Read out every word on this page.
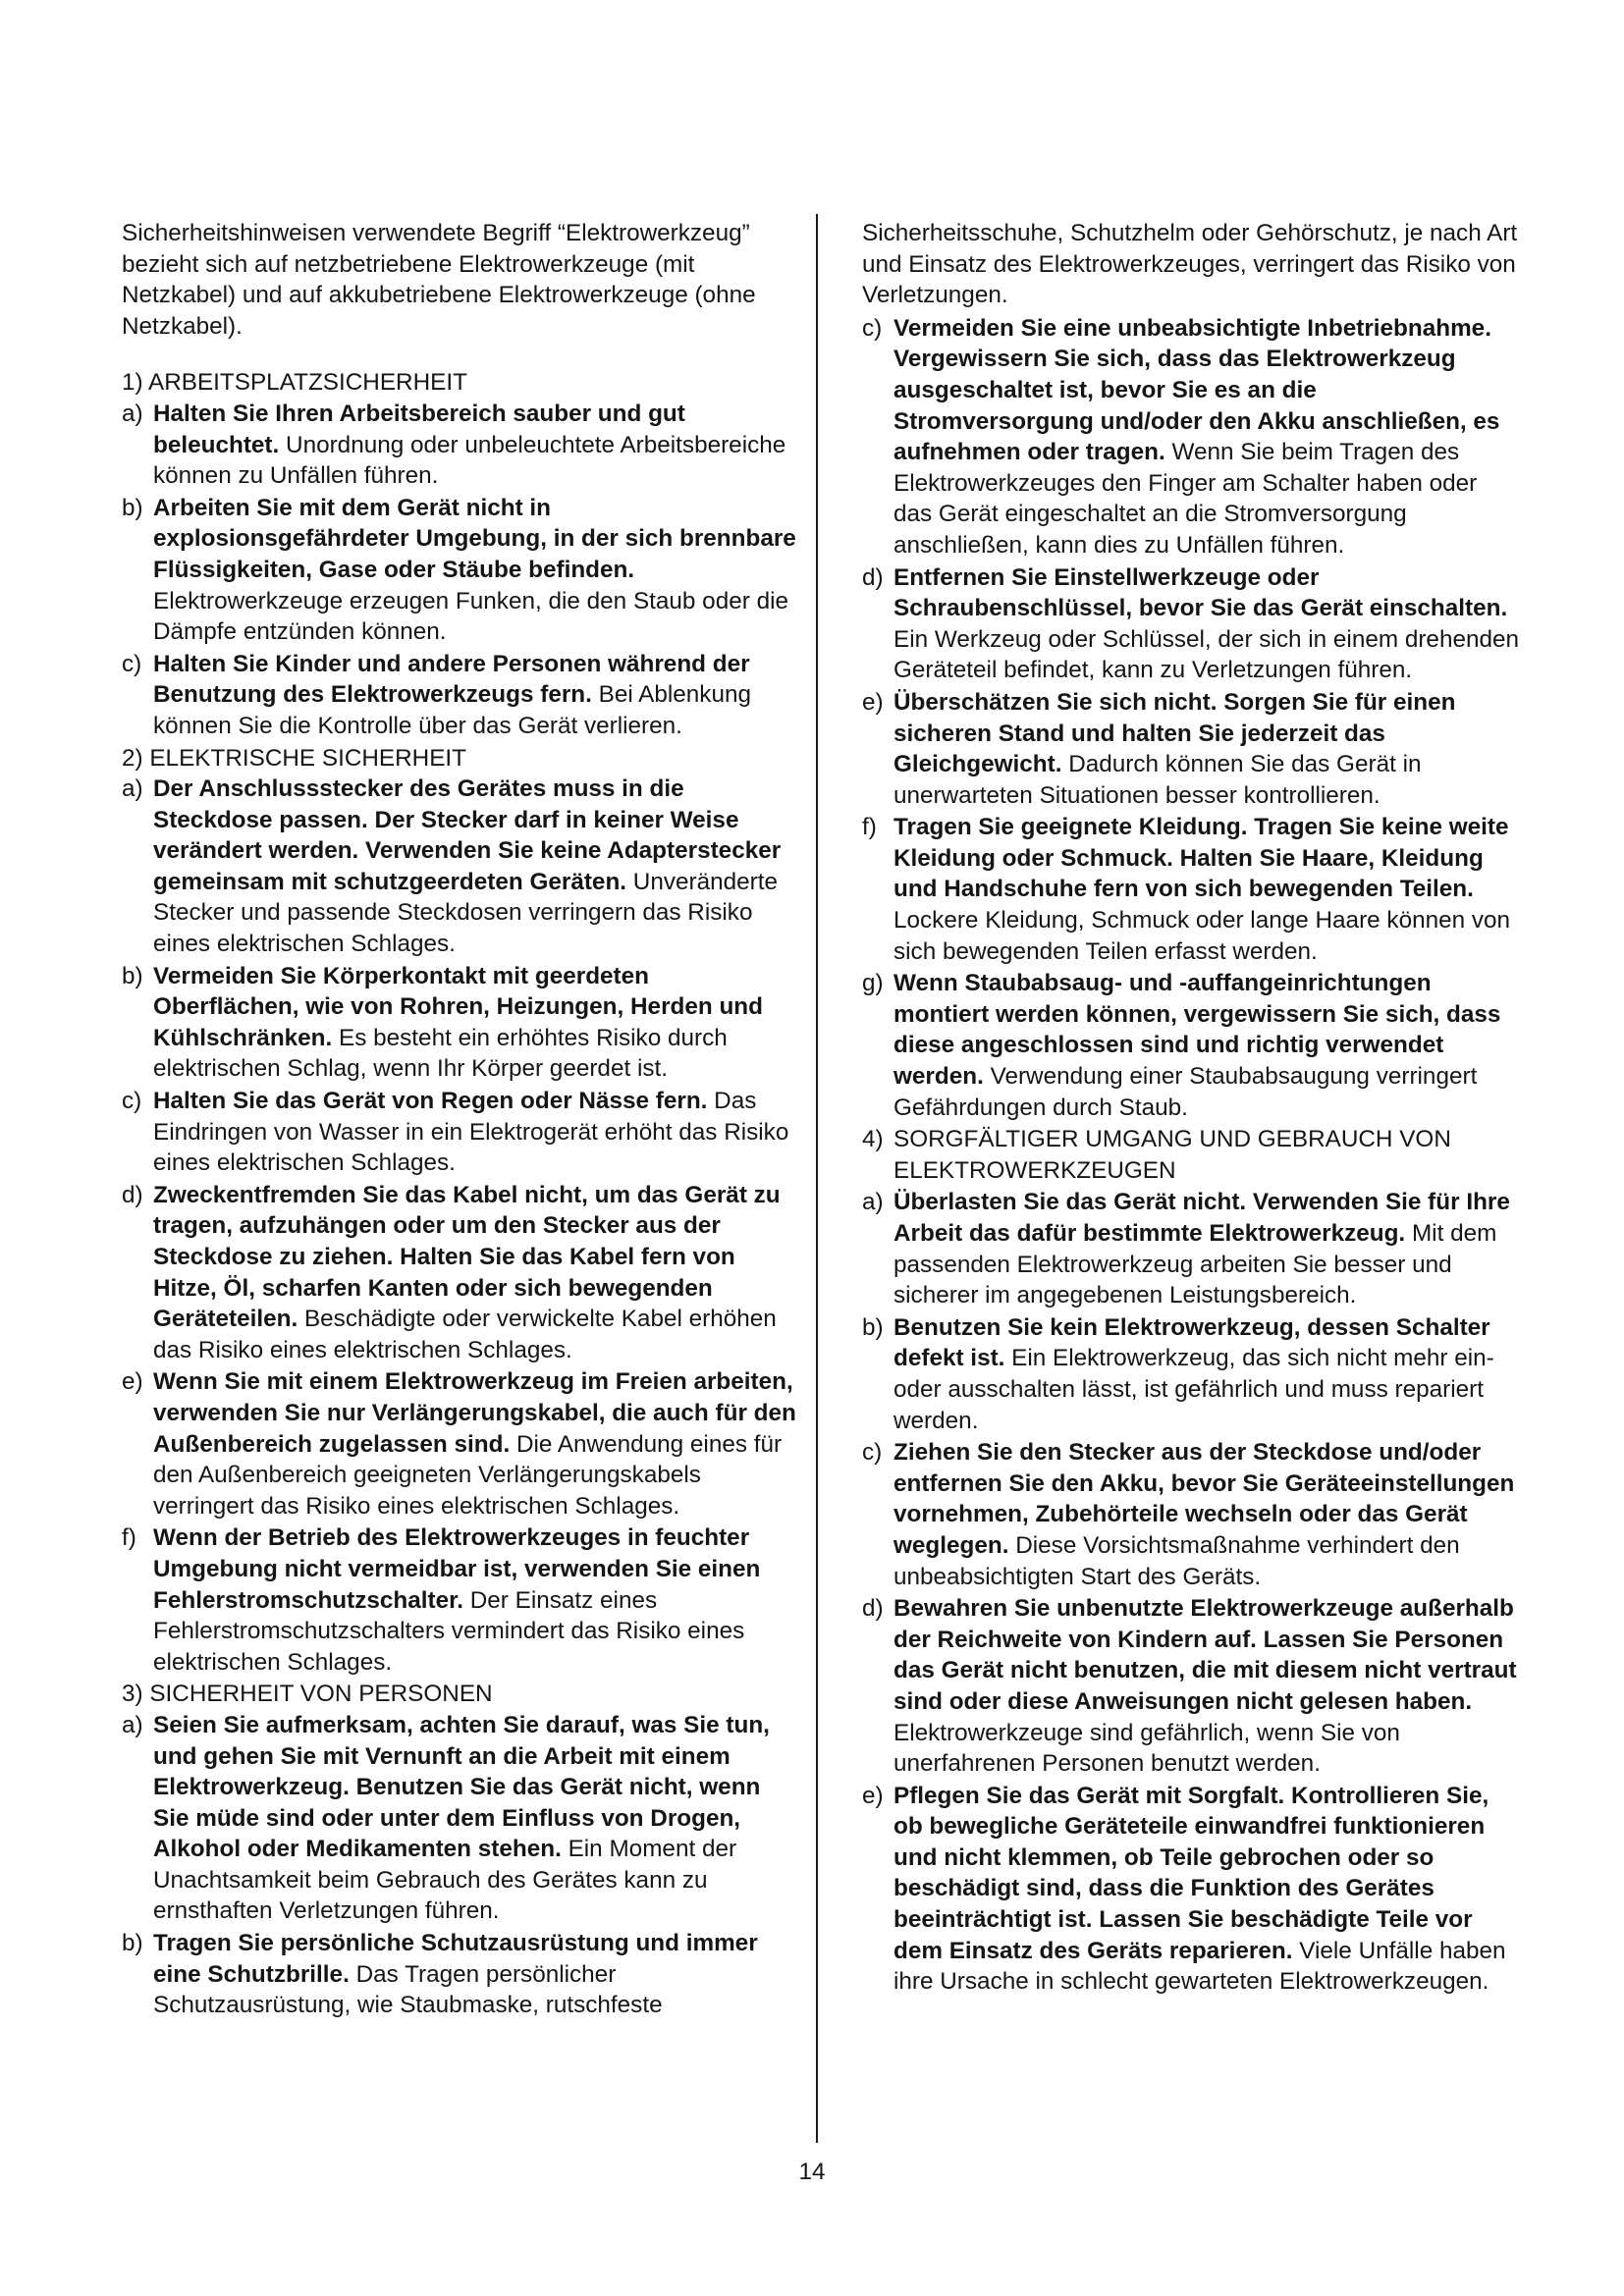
Sicherheitshinweisen verwendete Begriff “Elektrowerkzeug” bezieht sich auf netzbetriebene Elektrowerkzeuge (mit Netzkabel) und auf akkubetriebene Elektrowerkzeuge (ohne Netzkabel).

1) ARBEITSPLATZSICHERHEIT

a) Halten Sie Ihren Arbeitsbereich sauber und gut beleuchtet. Unordnung oder unbeleuchtete Arbeitsbereiche können zu Unfällen führen.
b) Arbeiten Sie mit dem Gerät nicht in explosionsgefährdeter Umgebung, in der sich brennbare Flüssigkeiten, Gase oder Stäube befinden. Elektrowerkzeuge erzeugen Funken, die den Staub oder die Dämpfe entzünden können.
c) Halten Sie Kinder und andere Personen während der Benutzung des Elektrowerkzeugs fern. Bei Ablenkung können Sie die Kontrolle über das Gerät verlieren.

2) ELEKTRISCHE SICHERHEIT

a) Der Anschlussstecker des Gerätes muss in die Steckdose passen. Der Stecker darf in keiner Weise verändert werden. Verwenden Sie keine Adapterstecker gemeinsam mit schutzgeerdeten Geräten. Unveränderte Stecker und passende Steckdosen verringern das Risiko eines elektrischen Schlages.
b) Vermeiden Sie Körperkontakt mit geerdeten Oberflächen, wie von Rohren, Heizungen, Herden und Kühlschränken. Es besteht ein erhöhtes Risiko durch elektrischen Schlag, wenn Ihr Körper geerdet ist.
c) Halten Sie das Gerät von Regen oder Nässe fern. Das Eindringen von Wasser in ein Elektrogerät erhöht das Risiko eines elektrischen Schlages.
d) Zweckentfremden Sie das Kabel nicht, um das Gerät zu tragen, aufzuhängen oder um den Stecker aus der Steckdose zu ziehen. Halten Sie das Kabel fern von Hitze, Öl, scharfen Kanten oder sich bewegenden Geräteteilen. Beschädigte oder verwickelte Kabel erhöhen das Risiko eines elektrischen Schlages.
e) Wenn Sie mit einem Elektrowerkzeug im Freien arbeiten, verwenden Sie nur Verlängerungskabel, die auch für den Außenbereich zugelassen sind. Die Anwendung eines für den Außenbereich geeigneten Verlängerungskabels verringert das Risiko eines elektrischen Schlages.
f) Wenn der Betrieb des Elektrowerkzeuges in feuchter Umgebung nicht vermeidbar ist, verwenden Sie einen Fehlerstromschutzschalter. Der Einsatz eines Fehlerstromschutzschalters vermindert das Risiko eines elektrischen Schlages.

3) SICHERHEIT VON PERSONEN

a) Seien Sie aufmerksam, achten Sie darauf, was Sie tun, und gehen Sie mit Vernunft an die Arbeit mit einem Elektrowerkzeug. Benutzen Sie das Gerät nicht, wenn Sie müde sind oder unter dem Einfluss von Drogen, Alkohol oder Medikamenten stehen. Ein Moment der Unachtsamkeit beim Gebrauch des Gerätes kann zu ernsthaften Verletzungen führen.
b) Tragen Sie persönliche Schutzausrüstung und immer eine Schutzbrille. Das Tragen persönlicher Schutzausrüstung, wie Staubmaske, rutschfeste

Sicherheitsschuhe, Schutzhelm oder Gehörschutz, je nach Art und Einsatz des Elektrowerkzeuges, verringert das Risiko von Verletzungen.

c) Vermeiden Sie eine unbeabsichtigte Inbetriebnahme. Vergewissern Sie sich, dass das Elektrowerkzeug ausgeschaltet ist, bevor Sie es an die Stromversorgung und/oder den Akku anschließen, es aufnehmen oder tragen. Wenn Sie beim Tragen des Elektrowerkzeuges den Finger am Schalter haben oder das Gerät eingeschaltet an die Stromversorgung anschließen, kann dies zu Unfällen führen.
d) Entfernen Sie Einstellwerkzeuge oder Schraubenschlüssel, bevor Sie das Gerät einschalten. Ein Werkzeug oder Schlüssel, der sich in einem drehenden Geräteteil befindet, kann zu Verletzungen führen.
e) Überschätzen Sie sich nicht. Sorgen Sie für einen sicheren Stand und halten Sie jederzeit das Gleichgewicht. Dadurch können Sie das Gerät in unerwarteten Situationen besser kontrollieren.
f) Tragen Sie geeignete Kleidung. Tragen Sie keine weite Kleidung oder Schmuck. Halten Sie Haare, Kleidung und Handschuhe fern von sich bewegenden Teilen. Lockere Kleidung, Schmuck oder lange Haare können von sich bewegenden Teilen erfasst werden.
g) Wenn Staubabsaug- und -auffangeinrichtungen montiert werden können, vergewissern Sie sich, dass diese angeschlossen sind und richtig verwendet werden. Verwendung einer Staubabsaugung verringert Gefährdungen durch Staub.
4) SORGFÄLTIGER UMGANG UND GEBRAUCH VON ELEKTROWERKZEUGEN
a) Überlasten Sie das Gerät nicht. Verwenden Sie für Ihre Arbeit das dafür bestimmte Elektrowerkzeug. Mit dem passenden Elektrowerkzeug arbeiten Sie besser und sicherer im angegebenen Leistungsbereich.
b) Benutzen Sie kein Elektrowerkzeug, dessen Schalter defekt ist. Ein Elektrowerkzeug, das sich nicht mehr ein- oder ausschalten lässt, ist gefährlich und muss repariert werden.
c) Ziehen Sie den Stecker aus der Steckdose und/oder entfernen Sie den Akku, bevor Sie Geräteeinstellungen vornehmen, Zubehörteile wechseln oder das Gerät weglegen. Diese Vorsichtsmaßnahme verhindert den unbeabsichtigten Start des Geräts.
d) Bewahren Sie unbenutzte Elektrowerkzeuge außerhalb der Reichweite von Kindern auf. Lassen Sie Personen das Gerät nicht benutzen, die mit diesem nicht vertraut sind oder diese Anweisungen nicht gelesen haben. Elektrowerkzeuge sind gefährlich, wenn Sie von unerfahrenen Personen benutzt werden.
e) Pflegen Sie das Gerät mit Sorgfalt. Kontrollieren Sie, ob bewegliche Geräteteile einwandfrei funktionieren und nicht klemmen, ob Teile gebrochen oder so beschädigt sind, dass die Funktion des Gerätes beeinträchtigt ist. Lassen Sie beschädigte Teile vor dem Einsatz des Geräts reparieren. Viele Unfälle haben ihre Ursache in schlecht gewarteten Elektrowerkzeugen.
14
